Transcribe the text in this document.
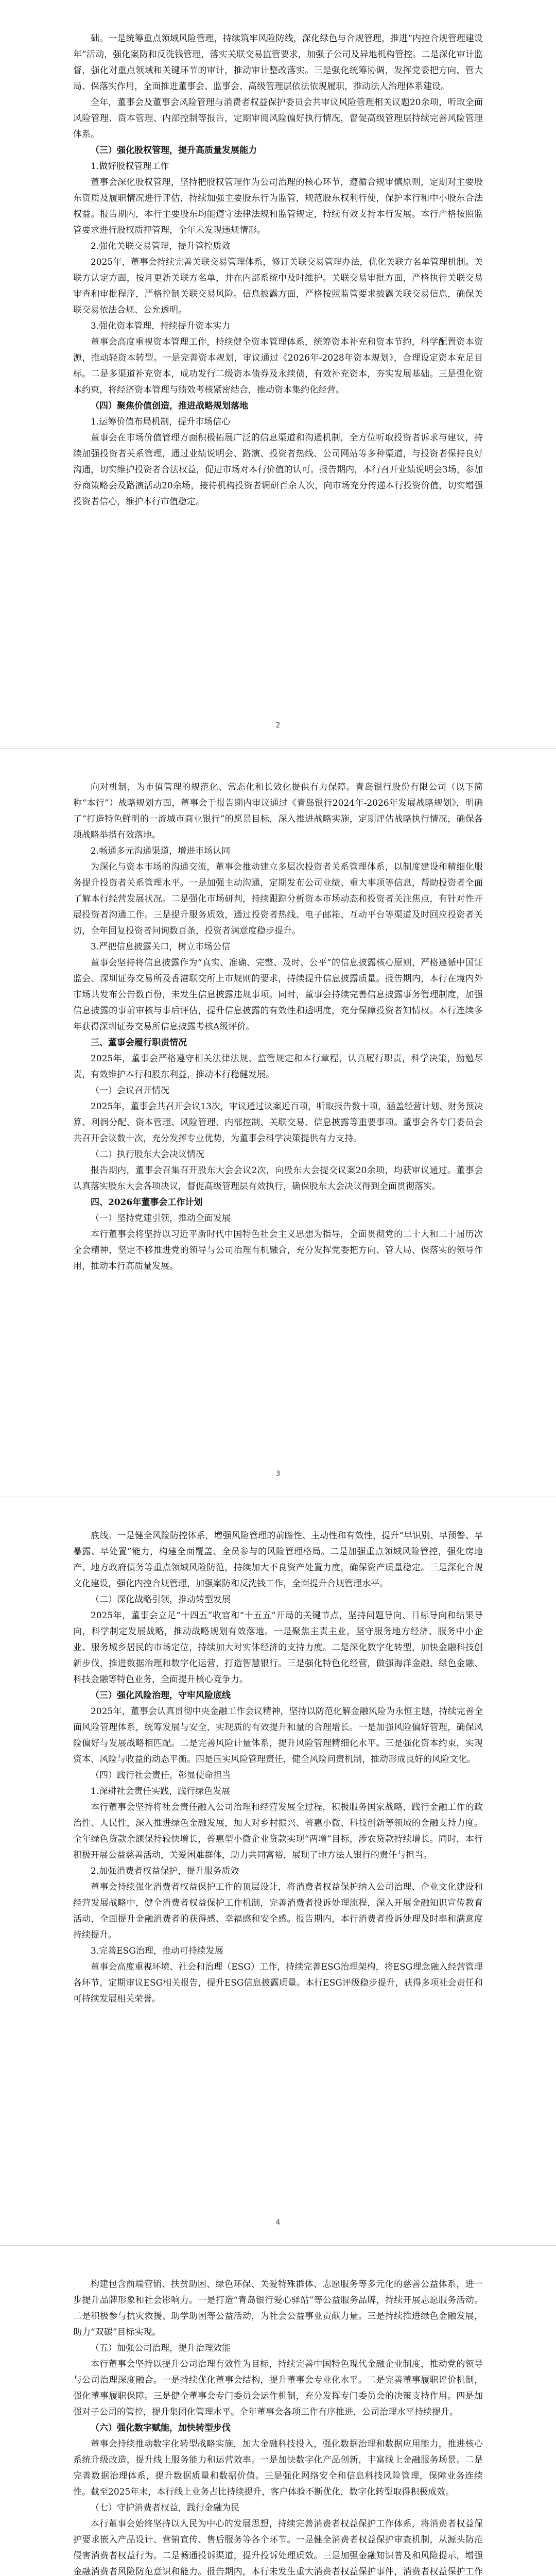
础。一是统筹重点领域风险管理，持续筑牢风险防线，深化绿色与合规管理，推进“内控合规管理建设年”活动，强化案防和反洗钱管理，落实关联交易监管要求，加强子公司及异地机构管控。二是深化审计监督，强化对重点领域和关键环节的审计，推动审计整改落实。三是强化统筹协调，发挥党委把方向、管大局、保落实作用，全面推进董事会、监事会、高级管理层依法依规履职，推动法人治理体系建设。

全年，董事会及董事会风险管理与消费者权益保护委员会共审议风险管理相关议题20余项，听取全面风险管理、资本管理、内部控制等报告，定期审阅风险偏好执行情况，督促高级管理层持续完善风险管理体系。

（三）强化股权管理，提升高质量发展能力

1.做好股权管理工作

董事会深化股权管理，坚持把股权管理作为公司治理的核心环节，遵循合规审慎原则，定期对主要股东资质及履职情况进行评估，持续加强主要股东行为监管，规范股东权利行使，保护本行和中小股东合法权益。报告期内，本行主要股东均能遵守法律法规和监管规定，持续有效支持本行发展。本行严格按照监管要求进行股权质押管理，全年未发现违规情形。

2.强化关联交易管理，提升管控质效

2025年，董事会持续完善关联交易管理体系，修订关联交易管理办法，优化关联方名单管理机制。关联方认定方面，按月更新关联方名单，并在内部系统中及时维护。关联交易审批方面，严格执行关联交易审查和审批程序，严格控制关联交易风险。信息披露方面，严格按照监管要求披露关联交易信息，确保关联交易依法合规、公允透明。

3.强化资本管理，持续提升资本实力

董事会高度重视资本管理工作，持续健全资本管理体系，统筹资本补充和资本节约，科学配置资本资源，推动轻资本转型。一是完善资本规划，审议通过《2026年-2028年资本规划》，合理设定资本充足目标。二是多渠道补充资本，成功发行二级资本债券及永续债，有效补充资本，夯实发展基础。三是强化资本约束，将经济资本管理与绩效考核紧密结合，推动资本集约化经营。

（四）聚焦价值创造，推进战略规划落地

1.运筹价值布局机制，提升市场信心

董事会在市场价值管理方面积极拓展广泛的信息渠道和沟通机制，全方位听取投资者诉求与建议，持续加强投资者关系管理，通过业绩说明会、路演、投资者热线、公司网站等多种渠道，与投资者保持良好沟通，切实维护投资者合法权益，促进市场对本行价值的认可。报告期内，本行召开业绩说明会3场，参加券商策略会及路演活动20余场，接待机构投资者调研百余人次，向市场充分传递本行投资价值，切实增强投资者信心，维护本行市值稳定。

2

向对机制，为市值管理的规范化、常态化和长效化提供有力保障。青岛银行股份有限公司（以下简称“本行”）战略规划方面，董事会于报告期内审议通过《青岛银行2024年-2026年发展战略规划》，明确了“打造特色鲜明的一流城市商业银行”的愿景目标，深入推进战略实施，定期评估战略执行情况，确保各项战略举措有效落地。

2.畅通多元沟通渠道，增进市场认同

为深化与资本市场的沟通交流，董事会推动建立多层次投资者关系管理体系，以制度建设和精细化服务提升投资者关系管理水平。一是加强主动沟通，定期发布公司业绩、重大事项等信息，帮助投资者全面了解本行经营发展状况。二是强化市场研判，持续跟踪分析资本市场动态和投资者关注焦点，有针对性开展投资者沟通工作。三是提升服务质效，通过投资者热线、电子邮箱、互动平台等渠道及时回应投资者关切，全年回复投资者问询数百条，投资者满意度稳步提升。

3.严把信息披露关口，树立市场公信

董事会坚持将信息披露作为“真实、准确、完整、及时、公平”的信息披露核心原则，严格遵循中国证监会、深圳证券交易所及香港联交所上市规则的要求，持续提升信息披露质量。报告期内，本行在境内外市场共发布公告数百份，未发生信息披露违规事项。同时，董事会持续完善信息披露事务管理制度，加强信息披露的事前审核与事后评估，提升信息披露的有效性和透明度，充分保障投资者知情权。本行连续多年获得深圳证券交易所信息披露考核A级评价。

三、董事会履行职责情况

2025年，董事会严格遵守相关法律法规、监管规定和本行章程，认真履行职责，科学决策，勤勉尽责，有效维护本行和股东利益，推动本行稳健发展。

（一）会议召开情况

2025年，董事会共召开会议13次，审议通过议案近百项，听取报告数十项，涵盖经营计划、财务预决算、利润分配、资本管理、风险管理、内部控制、关联交易、信息披露等重要事项。董事会各专门委员会共召开会议数十次，充分发挥专业优势，为董事会科学决策提供有力支持。

（二）执行股东大会决议情况

报告期内，董事会召集召开股东大会会议2次，向股东大会提交议案20余项，均获审议通过。董事会认真落实股东大会各项决议，督促高级管理层有效执行，确保股东大会决议得到全面贯彻落实。

四、2026年董事会工作计划

（一）坚持党建引领，推动全面发展

本行董事会将坚持以习近平新时代中国特色社会主义思想为指导，全面贯彻党的二十大和二十届历次全会精神，坚定不移推进党的领导与公司治理有机融合，充分发挥党委把方向、管大局、保落实的领导作用，推动本行高质量发展。

3

底线。一是健全风险防控体系，增强风险管理的前瞻性、主动性和有效性，提升“早识别、早预警、早暴露、早处置”能力，构建全面覆盖、全员参与的风险管理格局。二是加强重点领域风险管控，强化房地产、地方政府债务等重点领域风险防范，持续加大不良资产处置力度，确保资产质量稳定。三是深化合规文化建设，强化内控合规管理，加强案防和反洗钱工作，全面提升合规管理水平。

（二）深化战略引领，推动转型发展

2025年，董事会立足“十四五”收官和“十五五”开局的关键节点，坚持问题导向、目标导向和结果导向，科学制定发展战略，推动战略规划有效落地。一是聚焦主责主业，坚守服务地方经济、服务中小企业、服务城乡居民的市场定位，持续加大对实体经济的支持力度。二是深化数字化转型，加快金融科技创新步伐，推进数据治理和数字化运营，打造智慧银行。三是强化特色化经营，做强海洋金融、绿色金融、科技金融等特色业务，全面提升核心竞争力。

（三）强化风险治理，守牢风险底线

2025年，董事会认真贯彻中央金融工作会议精神，坚持以防范化解金融风险为永恒主题，持续完善全面风险管理体系，统筹发展与安全，实现质的有效提升和量的合理增长。一是加强风险偏好管理，确保风险偏好与发展战略相匹配。二是完善风险计量体系，提升风险管理精细化水平。三是强化资本约束，实现资本、风险与收益的动态平衡。四是压实风险管理责任，健全风险问责机制，推动形成良好的风险文化。

（四）践行社会责任，彰显使命担当

1.深耕社会责任实践，践行绿色发展

本行董事会坚持将社会责任融入公司治理和经营发展全过程，积极服务国家战略，践行金融工作的政治性、人民性，深入推进绿色金融发展，加大对乡村振兴、普惠小微、科技创新等领域的金融支持力度。全年绿色贷款余额保持较快增长，普惠型小微企业贷款实现“两增”目标，涉农贷款持续增长。同时，本行积极开展公益慈善活动，关爱困难群体，助力共同富裕，展现了地方法人银行的责任与担当。

2.加强消费者权益保护，提升服务质效

董事会持续强化消费者权益保护工作的顶层设计，将消费者权益保护纳入公司治理、企业文化建设和经营发展战略中，健全消费者权益保护工作机制，完善消费者投诉处理流程，深入开展金融知识宣传教育活动，全面提升金融消费者的获得感、幸福感和安全感。报告期内，本行消费者投诉处理及时率和满意度持续提升。

3.完善ESG治理，推动可持续发展

董事会高度重视环境、社会和治理（ESG）工作，持续完善ESG治理架构，将ESG理念融入经营管理各环节，定期审议ESG相关报告，提升ESG信息披露质量。本行ESG评级稳步提升，获得多项社会责任和可持续发展相关荣誉。

4

构建包含前端营销、扶贫助困、绿色环保、关爱特殊群体、志愿服务等多元化的慈善公益体系，进一步提升品牌形象和社会影响力。一是打造“青岛银行爱心驿站”等公益服务品牌，持续开展志愿服务活动。二是积极参与抗灾救援、助学助困等公益活动，为社会公益事业贡献力量。三是持续推进绿色金融发展，助力“双碳”目标实现。

（五）加强公司治理，提升治理效能

本行董事会坚持以提升公司治理有效性为目标，持续完善中国特色现代金融企业制度，推动党的领导与公司治理深度融合。一是持续优化董事会结构，提升董事会专业化水平。二是完善董事履职评价机制，强化董事履职保障。三是健全董事会专门委员会运作机制，充分发挥专门委员会的决策支持作用。四是加强对子公司的管控，提升集团化管理水平。全年董事会各项工作有序推进，公司治理水平持续提升。

（六）强化数字赋能，加快转型步伐

董事会持续推动数字化转型战略实施，加大金融科技投入，强化数据治理和数据应用能力，推进核心系统升级改造，提升线上服务能力和运营效率。一是加快数字化产品创新，丰富线上金融服务场景。二是完善数据治理体系，提升数据质量和数据价值。三是强化网络安全和信息科技风险管理，保障业务连续性。截至2025年末，本行线上业务占比持续提升，客户体验不断优化，数字化转型取得积极成效。

（七）守护消费者权益，践行金融为民

本行董事会始终坚持以人民为中心的发展思想，持续完善消费者权益保护工作体系，将消费者权益保护要求嵌入产品设计、营销宣传、售后服务等各个环节。一是健全消费者权益保护审查机制，从源头防范侵害消费者权益行为。二是畅通投诉渠道，提升投诉处理质效。三是加强金融知识普及和风险提示，增强金融消费者风险防范意识和能力。报告期内，本行未发生重大消费者权益保护事件，消费者权益保护工作
